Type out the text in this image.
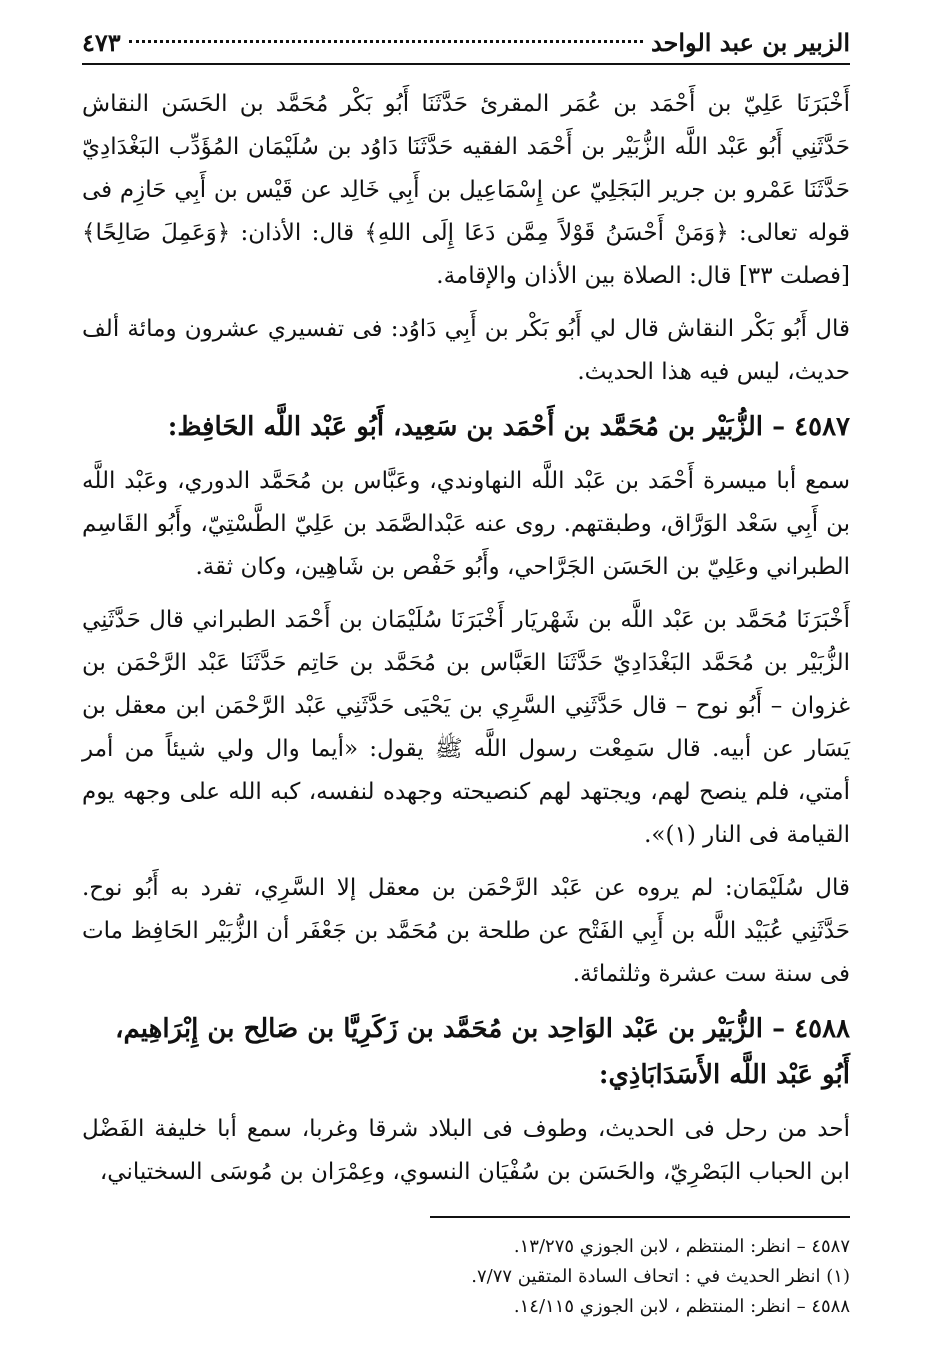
الزبير بن عبد الواحد
٤٧٣

أَخْبَرَنَا عَلِيّ بن أَحْمَد بن عُمَر المقرئ حَدَّثَنَا أَبُو بَكْر مُحَمَّد بن الحَسَن النقاش حَدَّثَنِي أَبُو عَبْد اللَّه الزُّبَيْر بن أَحْمَد الفقيه حَدَّثَنَا دَاوُد بن سُلَيْمَان المُؤَدِّب البَغْدَادِيّ حَدَّثَنَا عَمْرو بن جرير البَجَلِيّ عن إِسْمَاعِيل بن أَبِي خَالِد عن قَيْس بن أَبِي حَازِم فى قوله تعالى: ﴿وَمَنْ أَحْسَنُ قَوْلاً مِمَّن دَعَا إِلَى اللهِ﴾ قال: الأذان: ﴿وَعَمِلَ صَالِحًا﴾ [فصلت ٣٣] قال: الصلاة بين الأذان والإقامة.

قال أَبُو بَكْر النقاش قال لي أَبُو بَكْر بن أَبِي دَاوُد: فى تفسيري عشرون ومائة ألف حديث، ليس فيه هذا الحديث.

٤٥٨٧ – الزُّبَيْر بن مُحَمَّد بن أَحْمَد بن سَعِيد، أَبُو عَبْد اللَّه الحَافِظ:

سمع أبا ميسرة أَحْمَد بن عَبْد اللَّه النهاوندي، وعَبَّاس بن مُحَمَّد الدوري، وعَبْد اللَّه بن أَبِي سَعْد الوَرَّاق، وطبقتهم. روى عنه عَبْدالصَّمَد بن عَلِيّ الطَّسْتِيّ، وأَبُو القَاسِم الطبراني وعَلِيّ بن الحَسَن الجَرَّاحي، وأَبُو حَفْص بن شَاهِين، وكان ثقة.

أَخْبَرَنَا مُحَمَّد بن عَبْد اللَّه بن شَهْريَار أَخْبَرَنَا سُلَيْمَان بن أَحْمَد الطبراني قال حَدَّثَنِي الزُّبَيْر بن مُحَمَّد البَغْدَادِيّ حَدَّثَنَا العَبَّاس بن مُحَمَّد بن حَاتِم حَدَّثَنَا عَبْد الرَّحْمَن بن غزوان – أَبُو نوح – قال حَدَّثَنِي السَّرِي بن يَحْيَى حَدَّثَنِي عَبْد الرَّحْمَن ابن معقل بن يَسَار عن أبيه. قال سَمِعْت رسول اللَّه ﷺ يقول: «أيما وال ولي شيئاً من أمر أمتي، فلم ينصح لهم، ويجتهد لهم كنصيحته وجهده لنفسه، كبه الله على وجهه يوم القيامة فى النار (١)».

قال سُلَيْمَان: لم يروه عن عَبْد الرَّحْمَن بن معقل إلا السَّرِي، تفرد به أَبُو نوح. حَدَّثَنِي عُبَيْد اللَّه بن أَبِي الفَتْح عن طلحة بن مُحَمَّد بن جَعْفَر أن الزُّبَيْر الحَافِظ مات فى سنة ست عشرة وثلثمائة.

٤٥٨٨ – الزُّبَيْر بن عَبْد الوَاحِد بن مُحَمَّد بن زَكَرِيَّا بن صَالِح بن إِبْرَاهِيم، أَبُو عَبْد اللَّه الأَسَدَابَاذِي:

أحد من رحل فى الحديث، وطوف فى البلاد شرقا وغربا، سمع أبا خليفة الفَضْل ابن الحباب البَصْرِيّ، والحَسَن بن سُفْيَان النسوي، وعِمْرَان بن مُوسَى السختياني،

٤٥٨٧ – انظر: المنتظم ، لابن الجوزي ١٣/٢٧٥.

(١) انظر الحديث في : اتحاف السادة المتقين ٧/٧٧.

٤٥٨٨ – انظر: المنتظم ، لابن الجوزي ١٤/١١٥.
